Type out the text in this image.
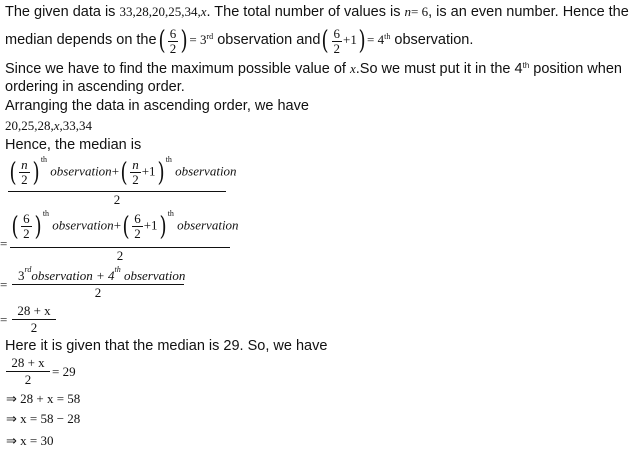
The given data is 33,28,20,25,34,x. The total number of values is n= 6, is an even number. Hence the
median depends on $the( \frac{6}{2}$ ) = 3rd observation $and( \frac{6}{2} +1) = 4th$ observation.
Since we have to find the maximum possible value of x.So we must put it in the 4th position when
ordering in ascending order.
Arranging the data in ascending order, we have
20,25,28,x,33,34
Hence, the median is
( $\frac{n}{2}$ ) $^{th}$ observation+( $\frac{n}{2} +1$) $^{th}$ observation
2
=
( $\frac{6}{2}$ ) $^{th}$ observation+( $\frac{6}{2} +1$) $^{th}$ observation
2
=
3rdobservation + 4th observation
2
=
28 + x
2
Here it is given that the median is 29. So, we have
28 + x
2
= 29
⇒ 28 + x = 58
⇒ x = 58 − 28
⇒ x = 30
